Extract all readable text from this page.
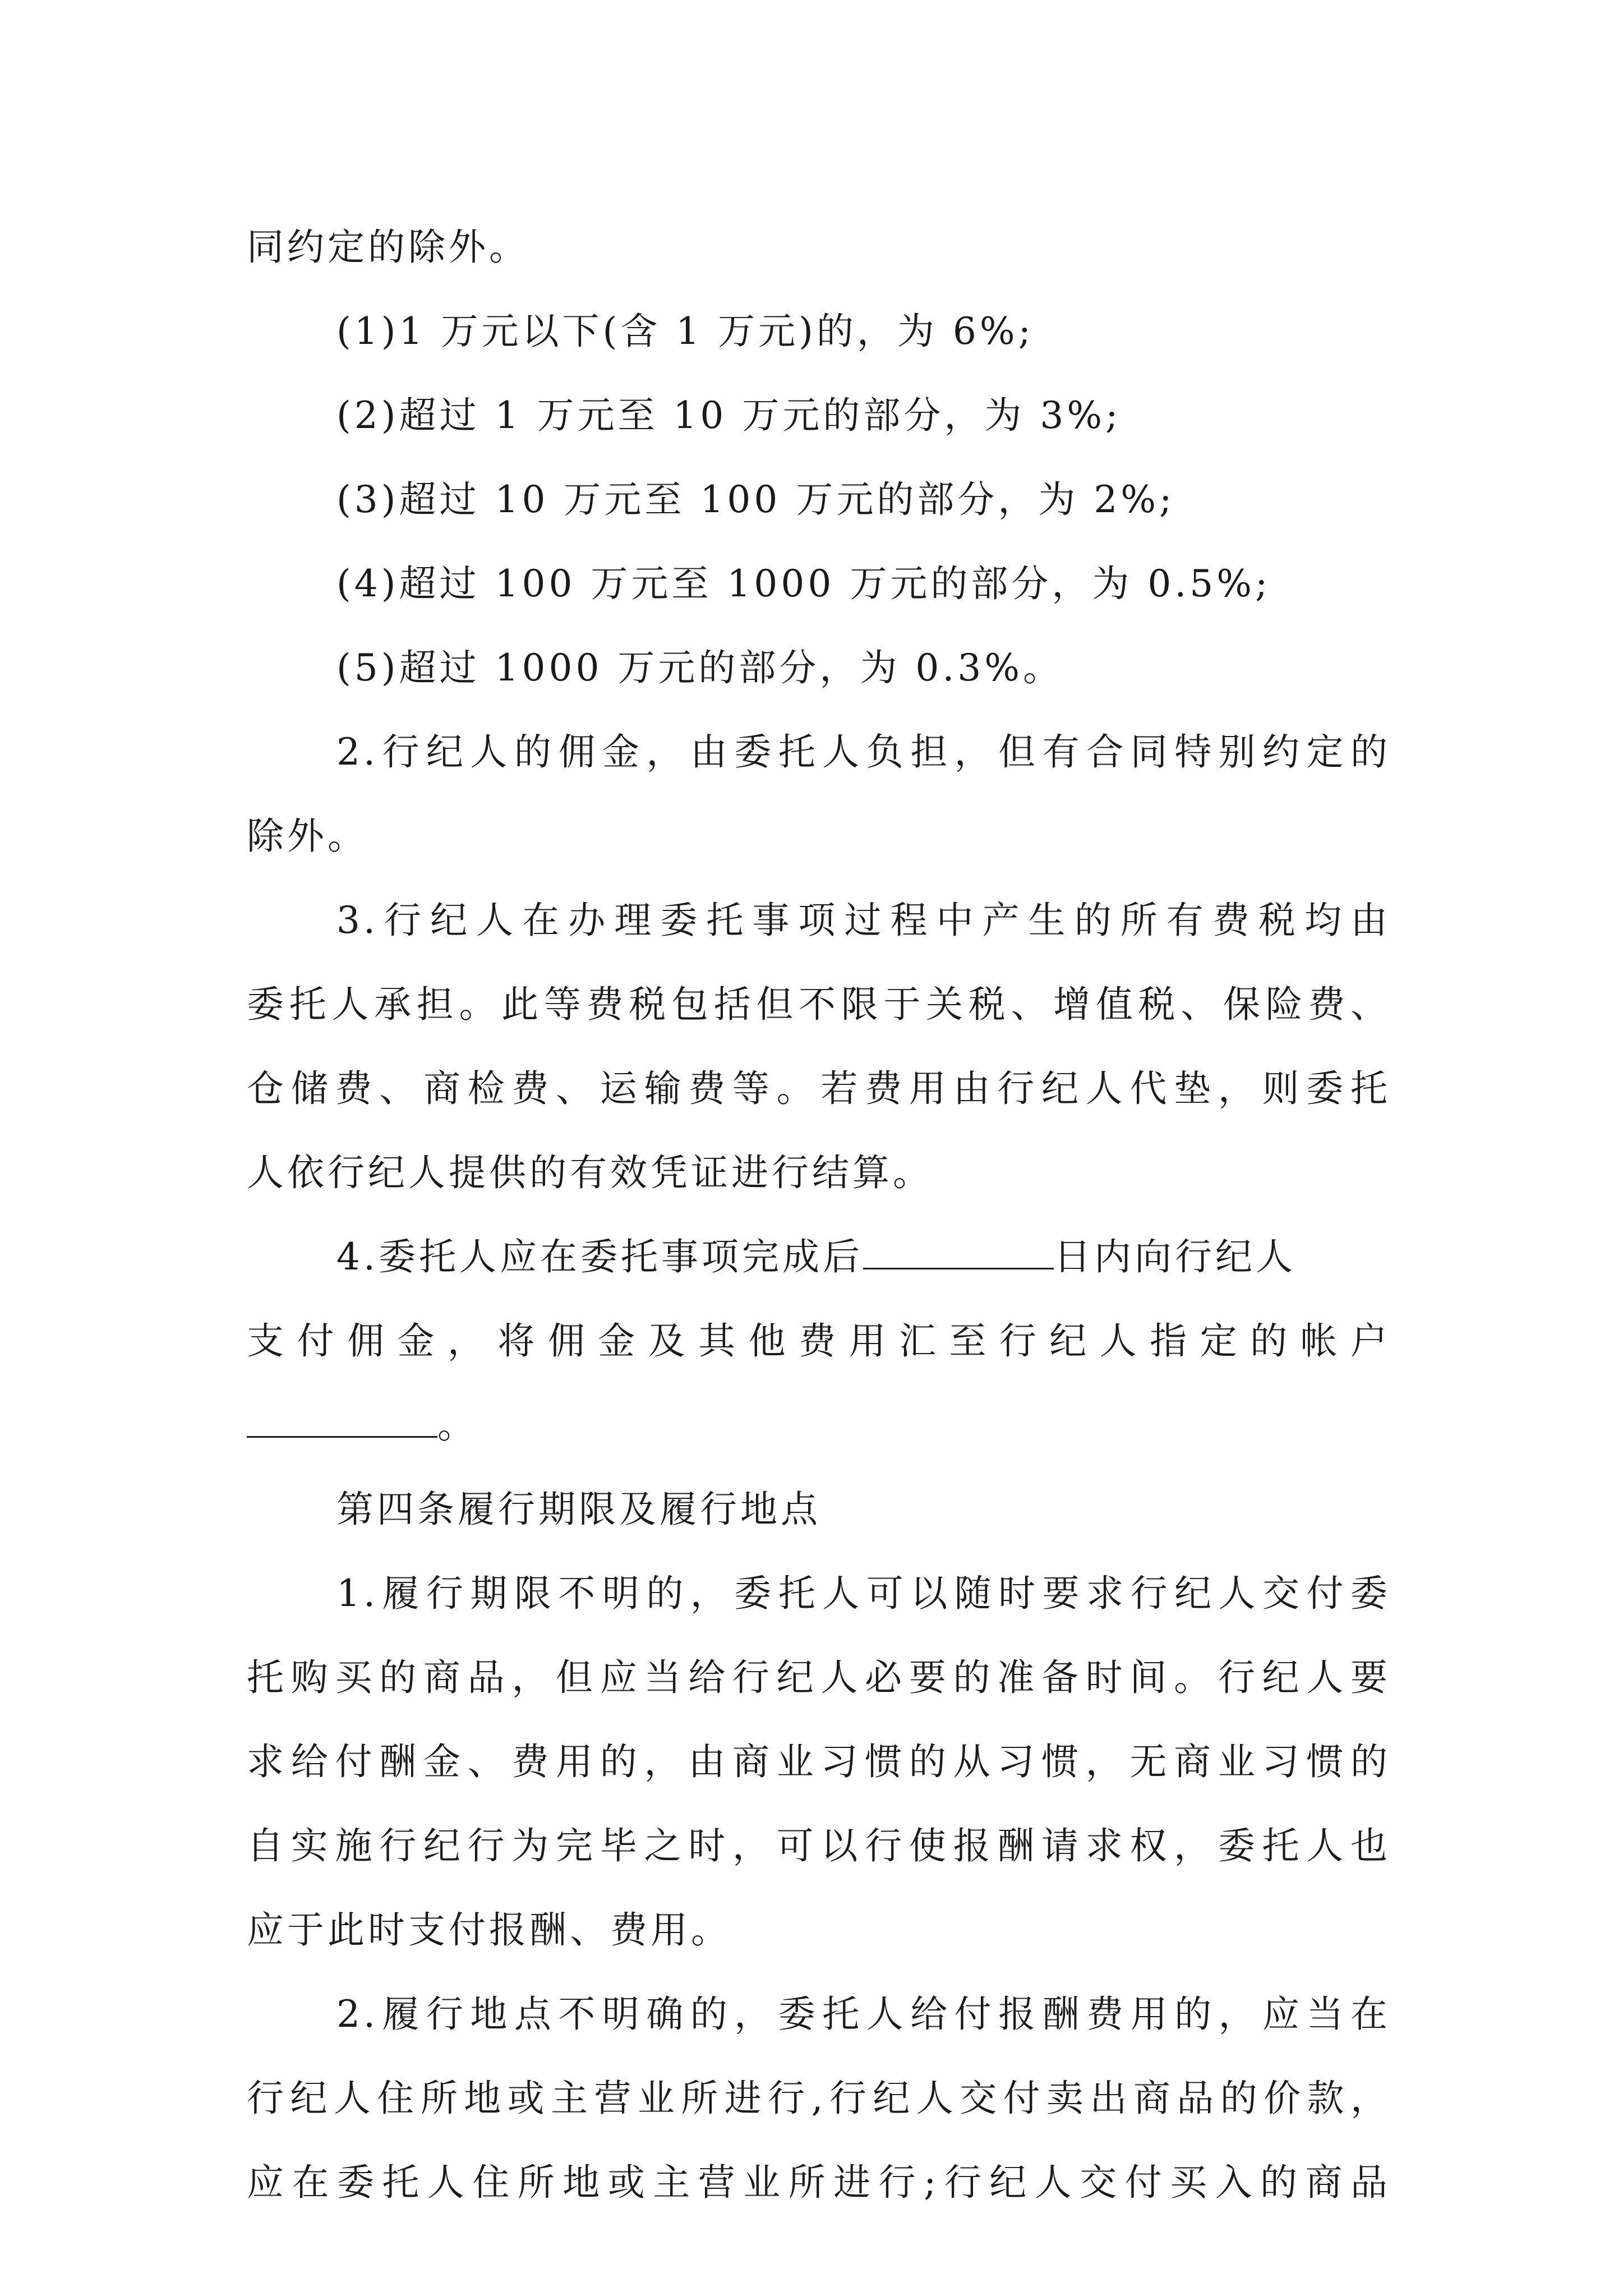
同约定的除外。
(1)1 万元以下(含 1 万元)的，为 6%;
(2)超过 1 万元至 10 万元的部分，为 3%;
(3)超过 10 万元至 100 万元的部分，为 2%;
(4)超过 100 万元至 1000 万元的部分，为 0.5%;
(5)超过 1000 万元的部分，为 0.3%。
2.行纪人的佣金，由委托人负担，但有合同特别约定的
除外。
3.行纪人在办理委托事项过程中产生的所有费税均由
委托人承担。此等费税包括但不限于关税、增值税、保险费、
仓储费、商检费、运输费等。若费用由行纪人代垫，则委托
人依行纪人提供的有效凭证进行结算。
4.委托人应在委托事项完成后	日内向行纪人
支付佣金，将佣金及其他费用汇至行纪人指定的帐户
。
第四条履行期限及履行地点
1.履行期限不明的，委托人可以随时要求行纪人交付委
托购买的商品，但应当给行纪人必要的准备时间。行纪人要
求给付酬金、费用的，由商业习惯的从习惯，无商业习惯的
自实施行纪行为完毕之时，可以行使报酬请求权，委托人也
应于此时支付报酬、费用。
2.履行地点不明确的，委托人给付报酬费用的，应当在
行纪人住所地或主营业所进行,行纪人交付卖出商品的价款，
应在委托人住所地或主营业所进行;行纪人交付买入的商品
